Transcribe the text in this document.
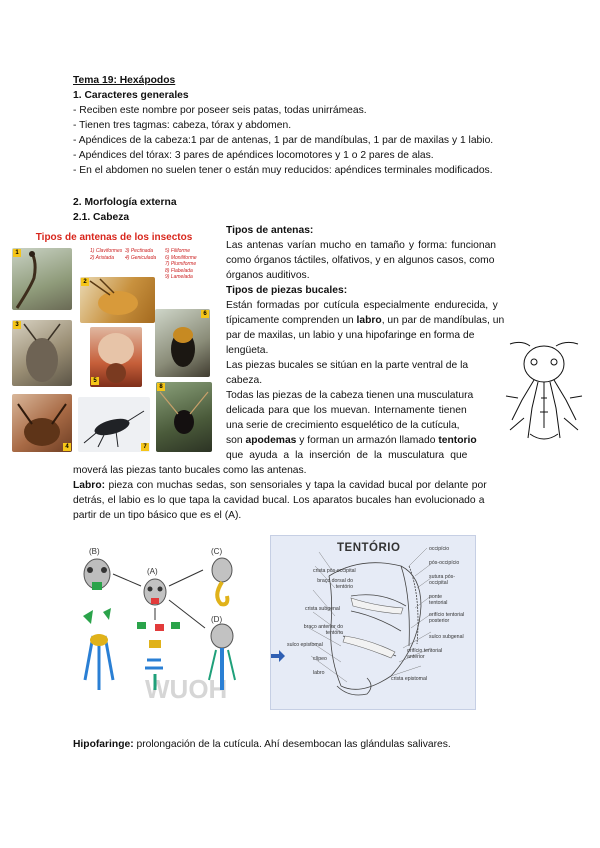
Tema 19: Hexápodos
1. Caracteres generales
- Reciben este nombre por poseer seis patas, todas unirrámeas.
- Tienen tres tagmas: cabeza, tórax y abdomen.
- Apéndices de la cabeza:1 par de antenas, 1 par de mandíbulas, 1 par de maxilas y 1 labio.
- Apéndices del tórax: 3 pares de apéndices locomotores y 1 o 2 pares de alas.
- En el abdomen no suelen tener o están muy reducidos: apéndices terminales modificados.
2. Morfología externa
2.1. Cabeza
Tipos de antenas de los insectos
1
2
1) Claviformes
2) Aristada
5) Filiforme
6) Moniliforme
7) Plumiforme
8) Flabelada
9) Lamelada
3) Pectinada
4) Geniculada
3
5
6
4	7
8
Tipos de antenas:
Las antenas varían mucho en tamaño y forma: funcionan
como órganos táctiles, olfativos, y en algunos casos, como
órganos auditivos.
Tipos de piezas bucales:
Están formadas por cutícula especialmente endurecida, y
típicamente comprenden un labro, un par de mandíbulas, un
par de maxilas, un labio y una hipofaringe en forma de
lengüeta.
Las piezas bucales se sitúan en la parte ventral de la
cabeza.
Todas las piezas de la cabeza tienen una musculatura
delicada para que los muevan. Internamente tienen
una serie de crecimiento esquelético de la cutícula,
son apodemas y forman un armazón llamado tentorio
que ayuda a la inserción de la musculatura que
moverá las piezas tanto bucales como las antenas.
Labro: pieza con muchas sedas, son sensoriales y tapa la cavidad bucal por delante por
detrás, el labio es lo que tapa la cavidad bucal. Los aparatos bucales han evolucionado a
partir de un tipo básico que es el (A).
WUOH
(B)
(A)
(C)
(D)
TENTÓRIO
crista pós-occipital
braço dorsal do tentório
crista subgenal
braço anterior do tentório
sulco epistomal
clípeo
labro
occipício
pós-occipício
sutura pós-occipital
ponte tentorial
orifício tentorial posterior
sulco subgenal
orifício tentorial anterior
crista epistomal
Hipofaringe: prolongación de la cutícula. Ahí desembocan las glándulas salivares.
